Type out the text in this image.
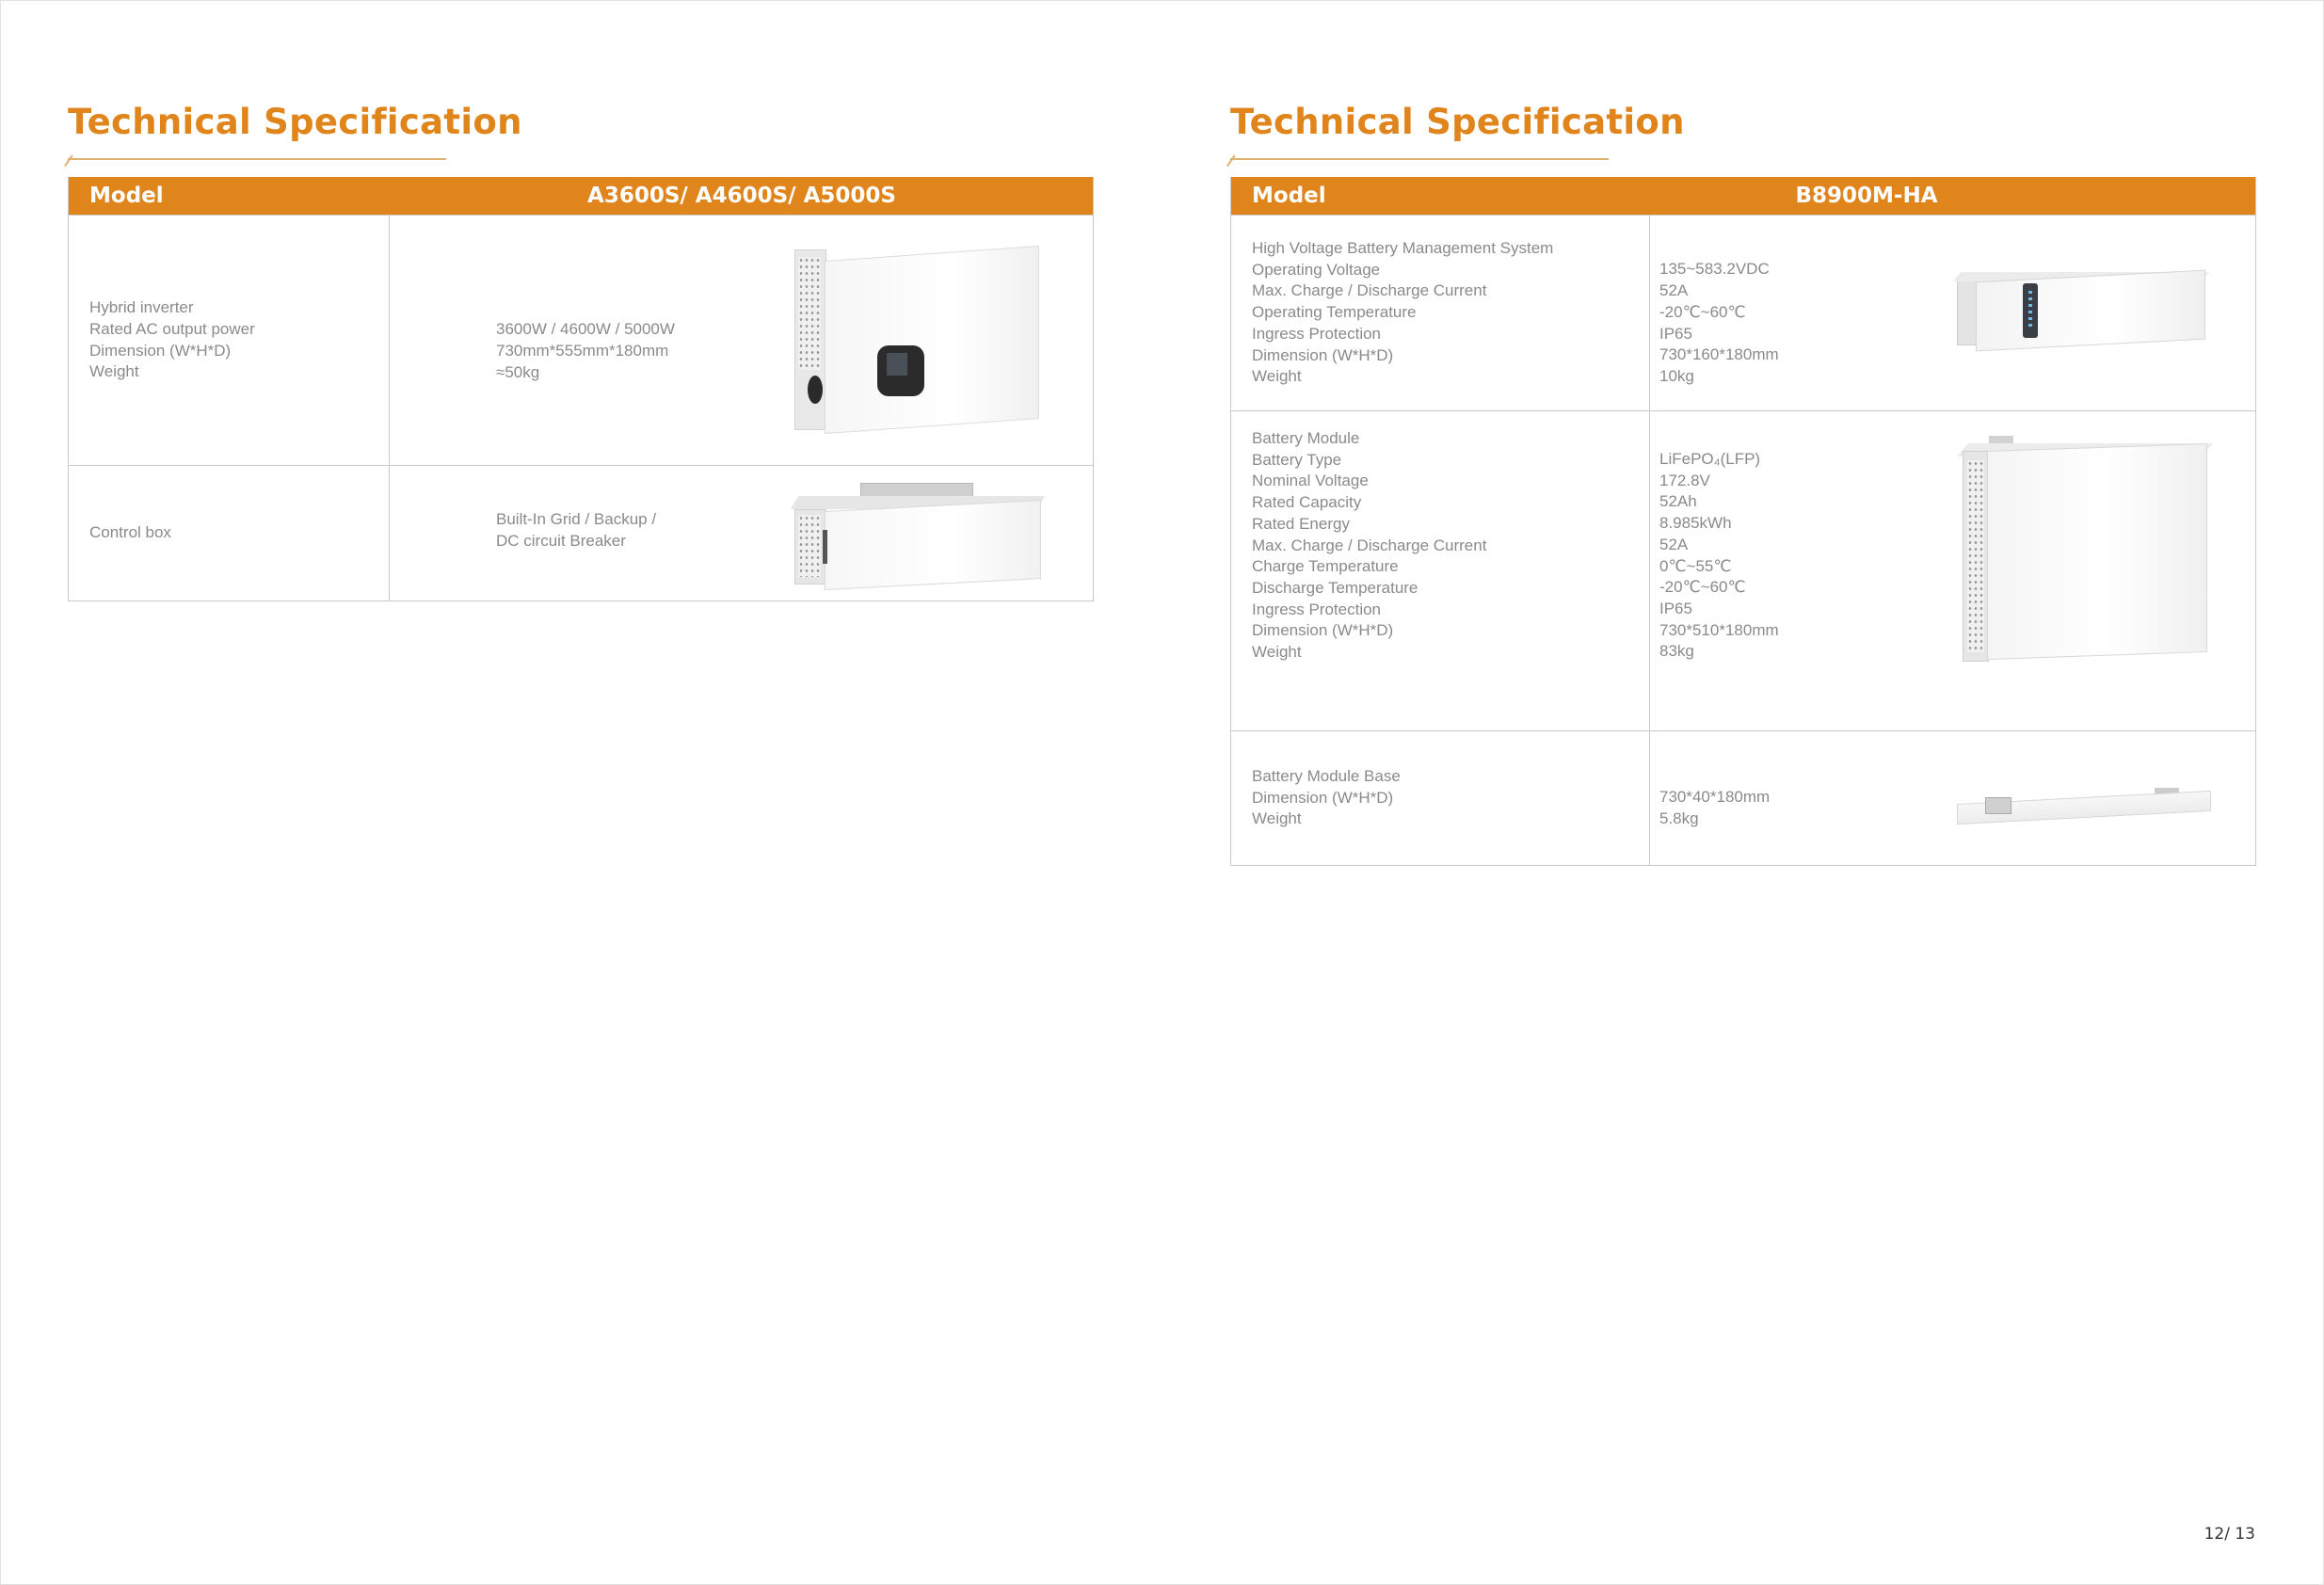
Technical Specification
Model	A3600S/ A4600S/ A5000S
Hybrid inverter
Rated AC output power
Dimension (W*H*D)
Weight
3600W / 4600W / 5000W
730mm*555mm*180mm
≈50kg
Control box
Built-In Grid / Backup /
DC circuit Breaker
Technical Specification
Model	B8900M-HA
High Voltage Battery Management System
Operating Voltage
Max. Charge / Discharge Current
Operating Temperature
Ingress Protection
Dimension (W*H*D)
Weight
135~583.2VDC
52A
-20℃~60℃
IP65
730*160*180mm
10kg
Battery Module
Battery Type
Nominal Voltage
Rated Capacity
Rated Energy
Max. Charge / Discharge Current
Charge Temperature
Discharge Temperature
Ingress Protection
Dimension (W*H*D)
Weight
LiFePO₄(LFP)
172.8V
52Ah
8.985kWh
52A
0℃~55℃
-20℃~60℃
IP65
730*510*180mm
83kg
Battery Module Base
Dimension (W*H*D)
Weight
730*40*180mm
5.8kg
12/ 13
